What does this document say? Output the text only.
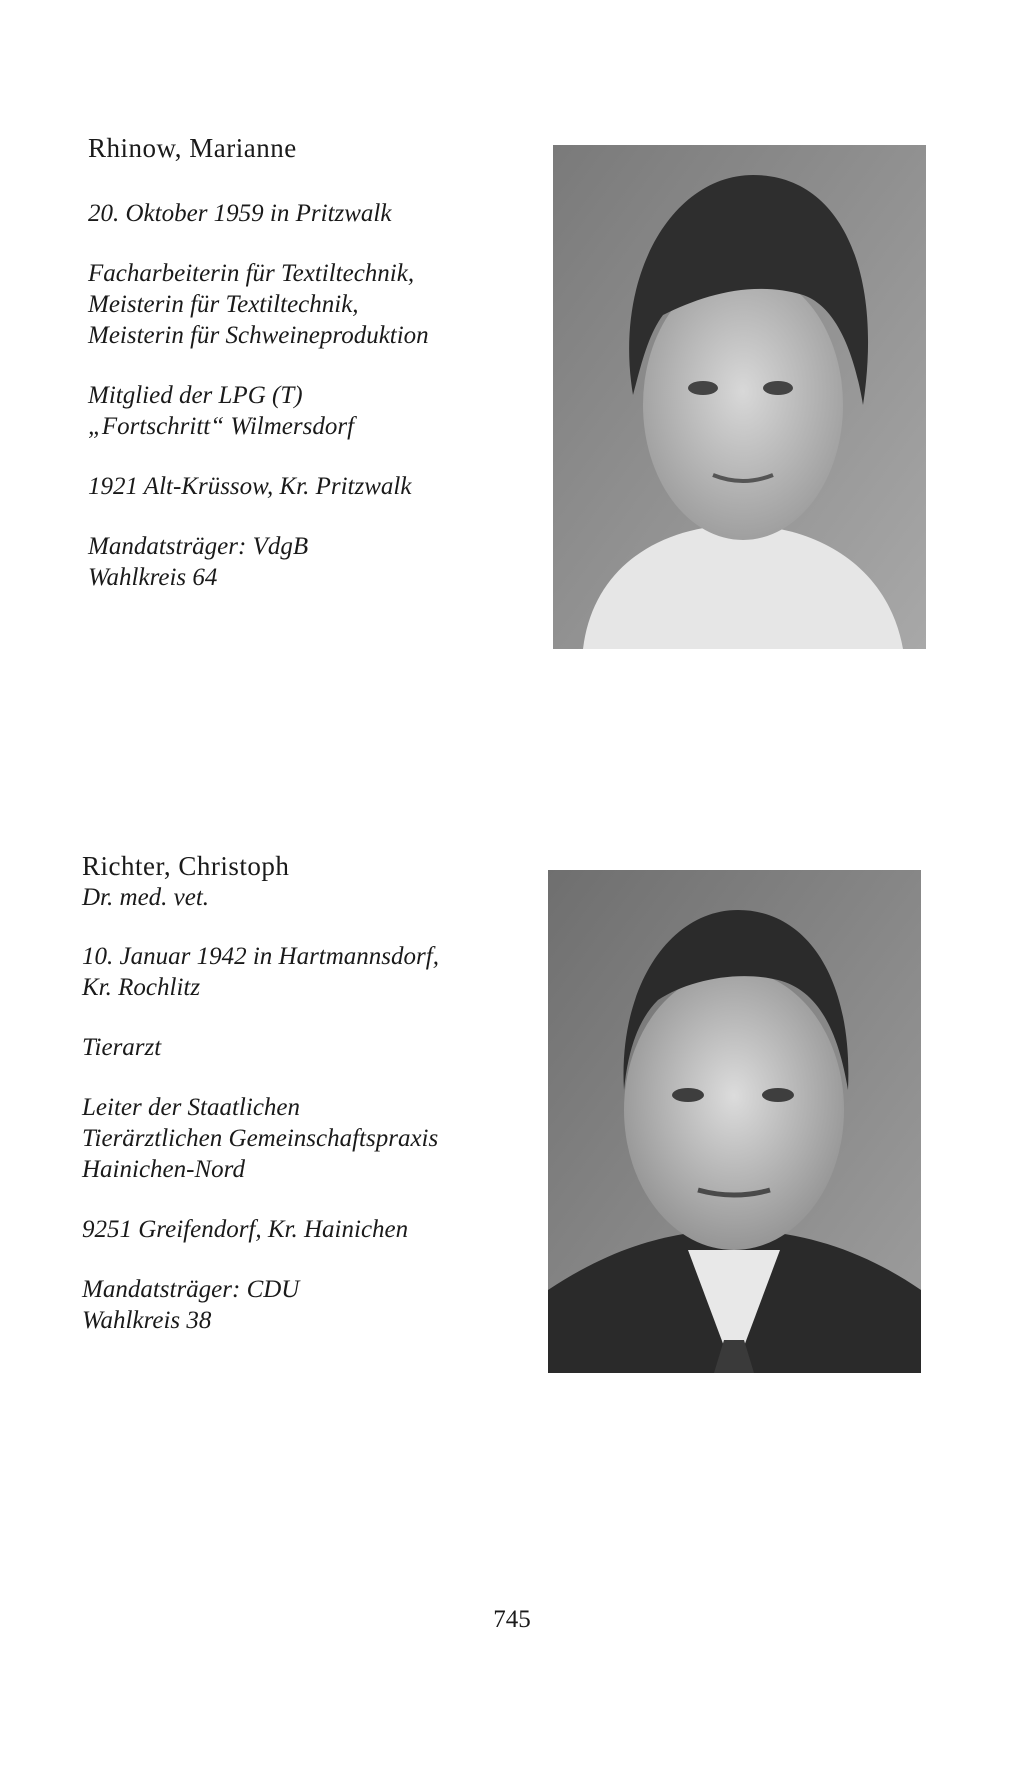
Rhinow, Marianne

20. Oktober 1959 in Pritzwalk

Facharbeiterin für Textiltechnik,
Meisterin für Textiltechnik,
Meisterin für Schweineproduktion

Mitglied der LPG (T)
„Fortschritt“ Wilmersdorf

1921 Alt-Krüssow, Kr. Pritzwalk

Mandatsträger: VdgB
Wahlkreis 64

Richter, Christoph

Dr. med. vet.

10. Januar 1942 in Hartmannsdorf,
Kr. Rochlitz

Tierarzt

Leiter der Staatlichen
Tierärztlichen Gemeinschaftspraxis
Hainichen-Nord

9251 Greifendorf, Kr. Hainichen

Mandatsträger: CDU
Wahlkreis 38

745
